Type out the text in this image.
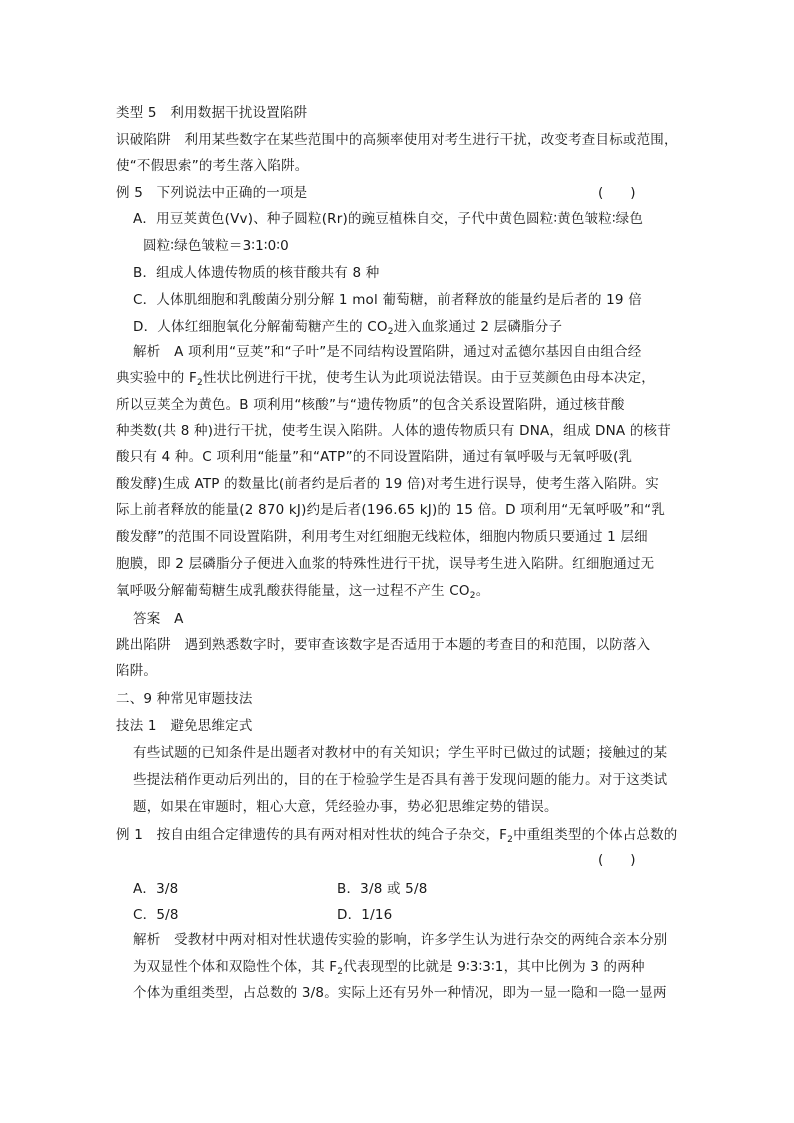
类型 5　利用数据干扰设置陷阱
识破陷阱　利用某些数字在某些范围中的高频率使用对考生进行干扰，改变考查目标或范围，
使“不假思索”的考生落入陷阱。
例 5　下列说法中正确的一项是	(　　)
A．用豆荚黄色(Vv)、种子圆粒(Rr)的豌豆植株自交，子代中黄色圆粒∶黄色皱粒∶绿色
圆粒∶绿色皱粒＝3∶1∶0∶0
B．组成人体遗传物质的核苷酸共有 8 种
C．人体肌细胞和乳酸菌分别分解 1 mol 葡萄糖，前者释放的能量约是后者的 19 倍
D．人体红细胞氧化分解葡萄糖产生的 $CO_2$进入血浆通过 2 层磷脂分子
解析　A 项利用“豆荚”和“子叶”是不同结构设置陷阱，通过对孟德尔基因自由组合经
典实验中的 $F_2$性状比例进行干扰，使考生认为此项说法错误。由于豆荚颜色由母本决定，
所以豆荚全为黄色。B 项利用“核酸”与“遗传物质”的包含关系设置陷阱，通过核苷酸
种类数(共 8 种)进行干扰，使考生误入陷阱。人体的遗传物质只有 DNA，组成 DNA 的核苷
酸只有 4 种。C 项利用“能量”和“ATP”的不同设置陷阱，通过有氧呼吸与无氧呼吸(乳
酸发酵)生成 ATP 的数量比(前者约是后者的 19 倍)对考生进行误导，使考生落入陷阱。实
际上前者释放的能量(2 870 kJ)约是后者(196.65 kJ)的 15 倍。D 项利用“无氧呼吸”和“乳
酸发酵”的范围不同设置陷阱，利用考生对红细胞无线粒体，细胞内物质只要通过 1 层细
胞膜，即 2 层磷脂分子便进入血浆的特殊性进行干扰，误导考生进入陷阱。红细胞通过无
氧呼吸分解葡萄糖生成乳酸获得能量，这一过程不产生 $CO_2$。
答案　A
跳出陷阱　遇到熟悉数字时，要审查该数字是否适用于本题的考查目的和范围，以防落入
陷阱。
二、9 种常见审题技法
技法 1　避免思维定式
有些试题的已知条件是出题者对教材中的有关知识；学生平时已做过的试题；接触过的某
些提法稍作更动后列出的，目的在于检验学生是否具有善于发现问题的能力。对于这类试
题，如果在审题时，粗心大意，凭经验办事，势必犯思维定势的错误。
例 1　按自由组合定律遗传的具有两对相对性状的纯合子杂交，$F_2$中重组类型的个体占总数的
(　　)
A．3/8	B．3/8 或 5/8
C．5/8	D．1/16
解析　受教材中两对相对性状遗传实验的影响，许多学生认为进行杂交的两纯合亲本分别
为双显性个体和双隐性个体，其 $F_2$代表现型的比就是 9∶3∶3∶1，其中比例为 3 的两种
个体为重组类型，占总数的 3/8。实际上还有另外一种情况，即为一显一隐和一隐一显两
